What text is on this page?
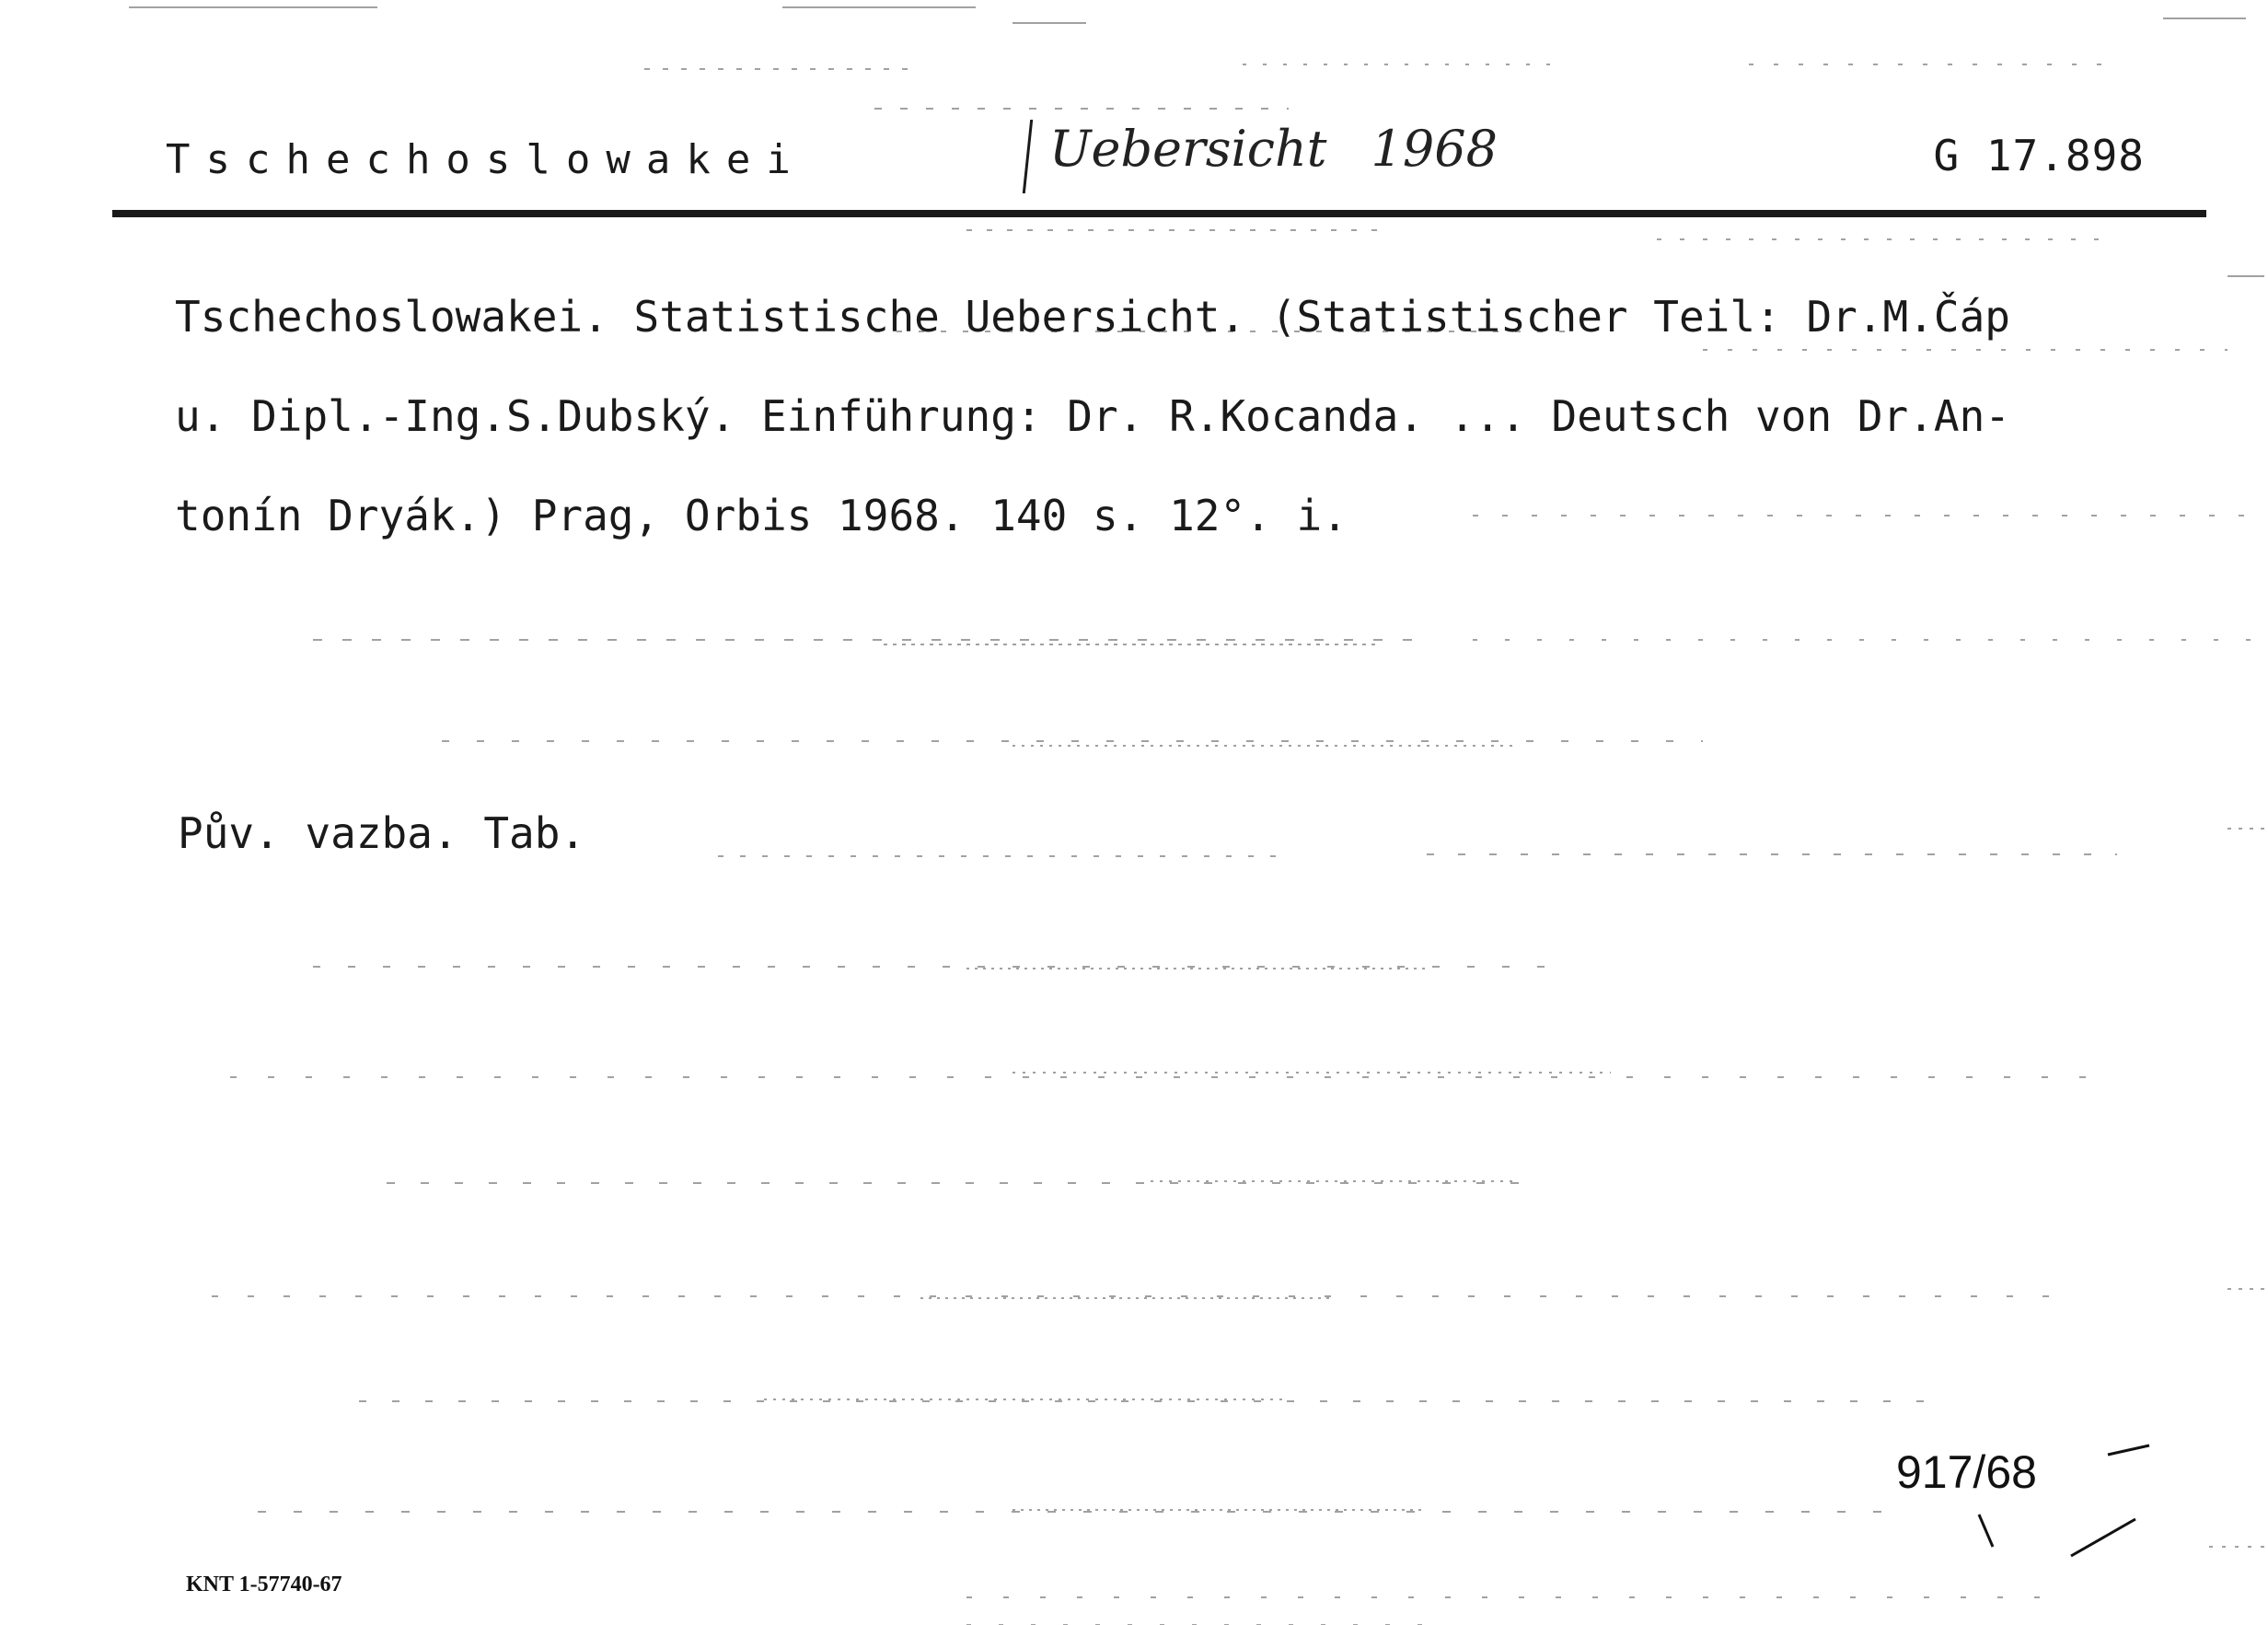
Tschechoslowakei	Uebersicht 1968	G 17.898
Tschechoslowakei. Statistische Uebersicht. (Statistischer Teil: Dr.M.Čáp
u. Dipl.-Ing.S.Dubský. Einführung: Dr. R.Kocanda. ... Deutsch von Dr.An-
tonín Dryák.) Prag, Orbis 1968. 140 s. 12°. i.
Pův. vazba. Tab.
917/68
KNT 1-57740-67
